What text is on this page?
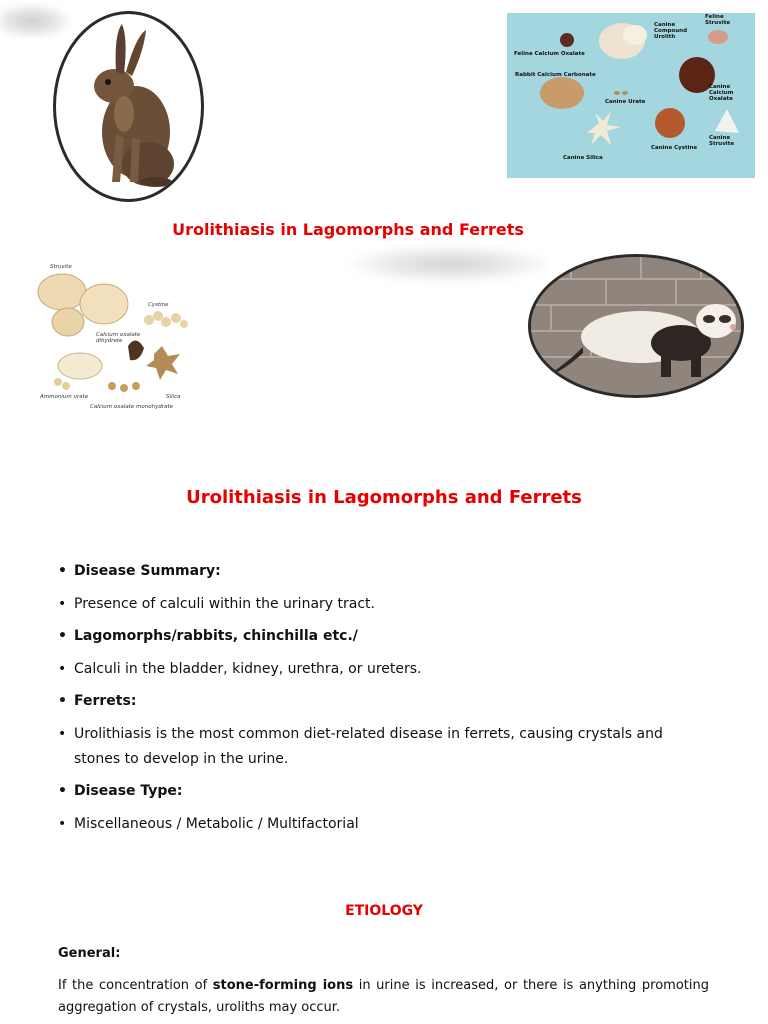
Feline Calcium Oxalate
Canine
Compound
Urolith
Feline
Struvite
Rabbit Calcium Carbonate
Canine Urate
Canine
Calcium Oxalate
Canine Cystine
Canine Struvite
Canine Silica
Urolithiasis in Lagomorphs and Ferrets
Struvite
Cystine
Calcium oxalate
dihydrate
Ammonium urate	Silica
Calcium oxalate monohydrate
Urolithiasis in Lagomorphs and Ferrets
• Disease Summary:
• Presence of calculi within the urinary tract.
• Lagomorphs/rabbits, chinchilla etc./
• Calculi in the bladder, kidney, urethra, or ureters.
• Ferrets:
• Urolithiasis is the most common diet-related disease in ferrets, causing crystals and stones to develop in the urine.
• Disease Type:
• Miscellaneous / Metabolic / Multifactorial
ETIOLOGY
General:
If the concentration of stone-forming ions in urine is increased, or there is anything promoting aggregation of crystals, uroliths may occur.
